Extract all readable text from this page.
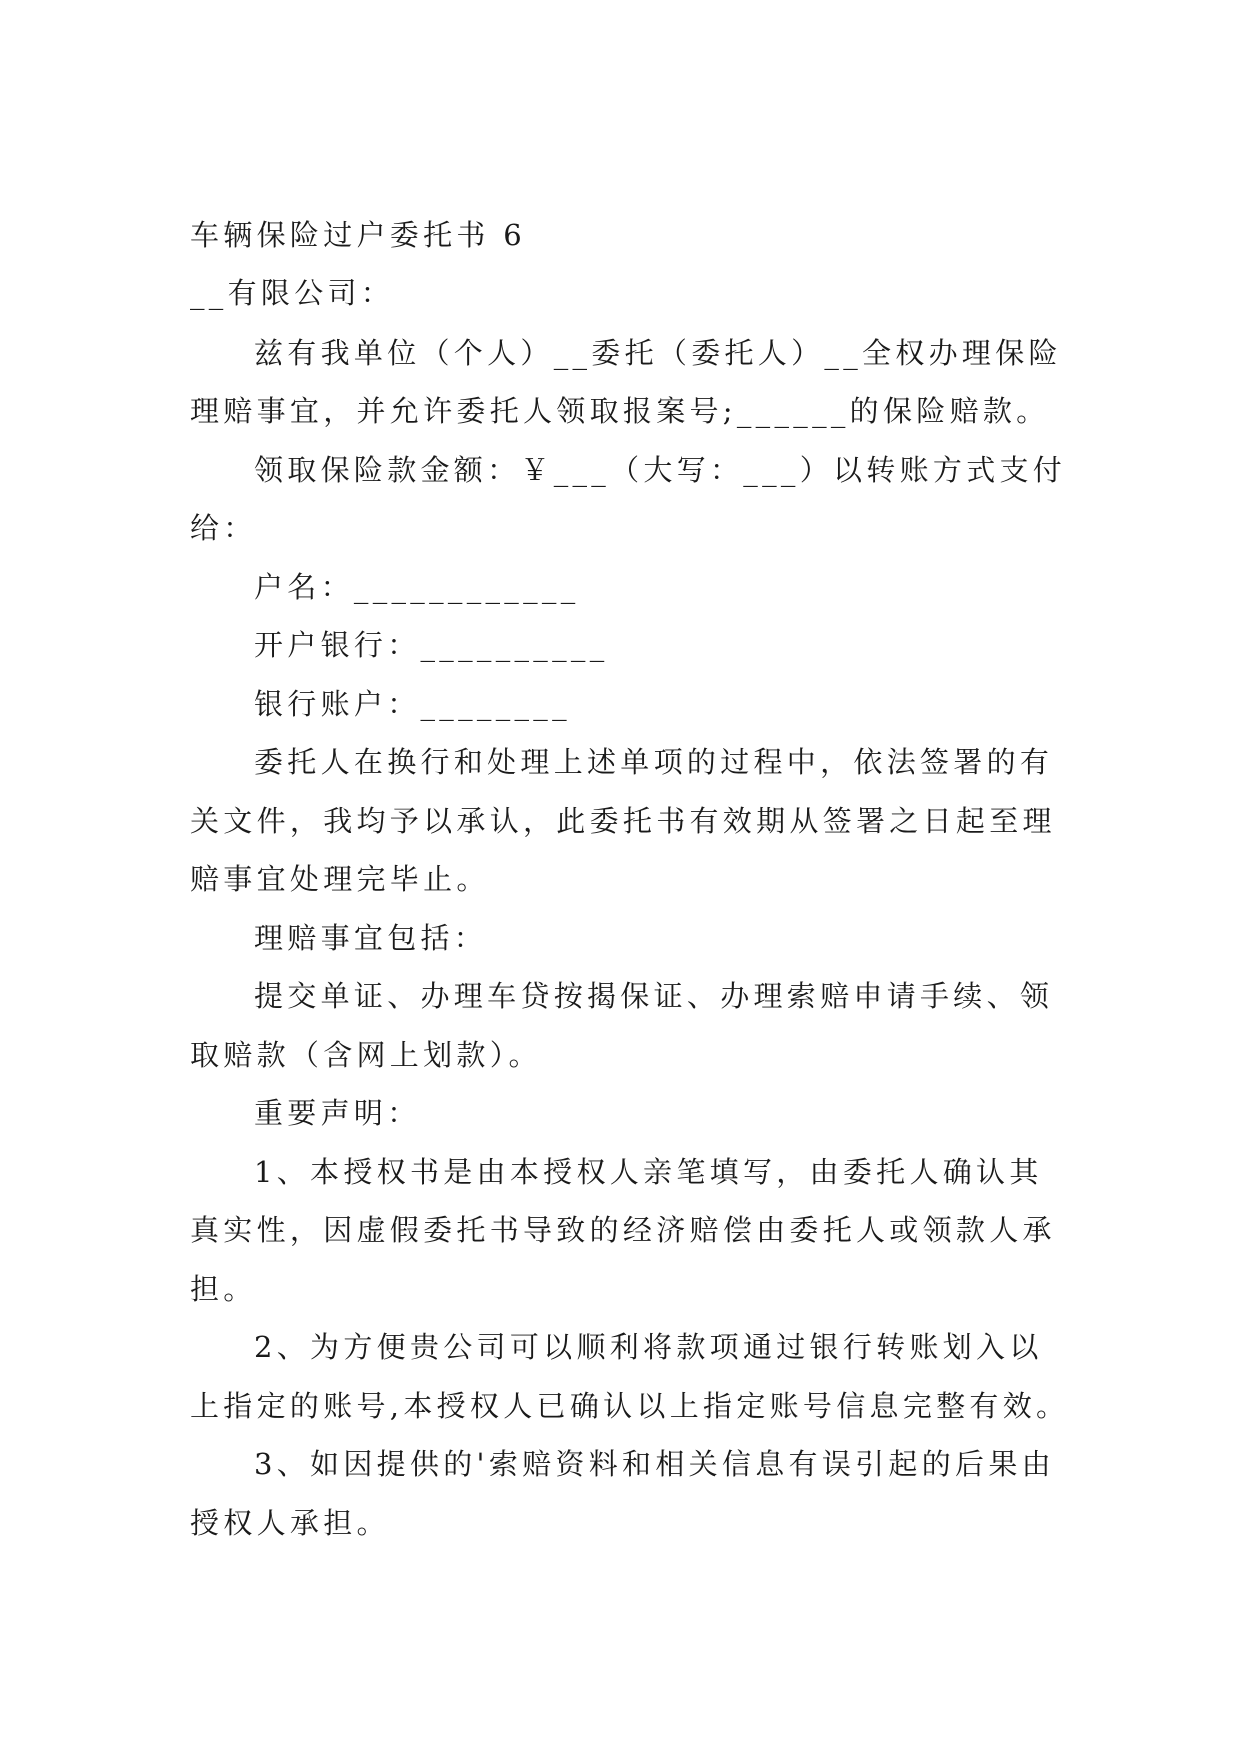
车辆保险过户委托书 6
__有限公司：
兹有我单位（个人）__委托（委托人）__全权办理保险
理赔事宜，并允许委托人领取报案号;______的保险赔款。
领取保险款金额：￥___（大写：___）以转账方式支付
给：
户名：____________
开户银行：__________
银行账户：________
委托人在换行和处理上述单项的过程中，依法签署的有
关文件，我均予以承认，此委托书有效期从签署之日起至理
赔事宜处理完毕止。
理赔事宜包括：
提交单证、办理车贷按揭保证、办理索赔申请手续、领
取赔款（含网上划款）。
重要声明：
1、本授权书是由本授权人亲笔填写，由委托人确认其
真实性，因虚假委托书导致的经济赔偿由委托人或领款人承
担。
2、为方便贵公司可以顺利将款项通过银行转账划入以
上指定的账号,本授权人已确认以上指定账号信息完整有效。
3、如因提供的'索赔资料和相关信息有误引起的后果由
授权人承担。
